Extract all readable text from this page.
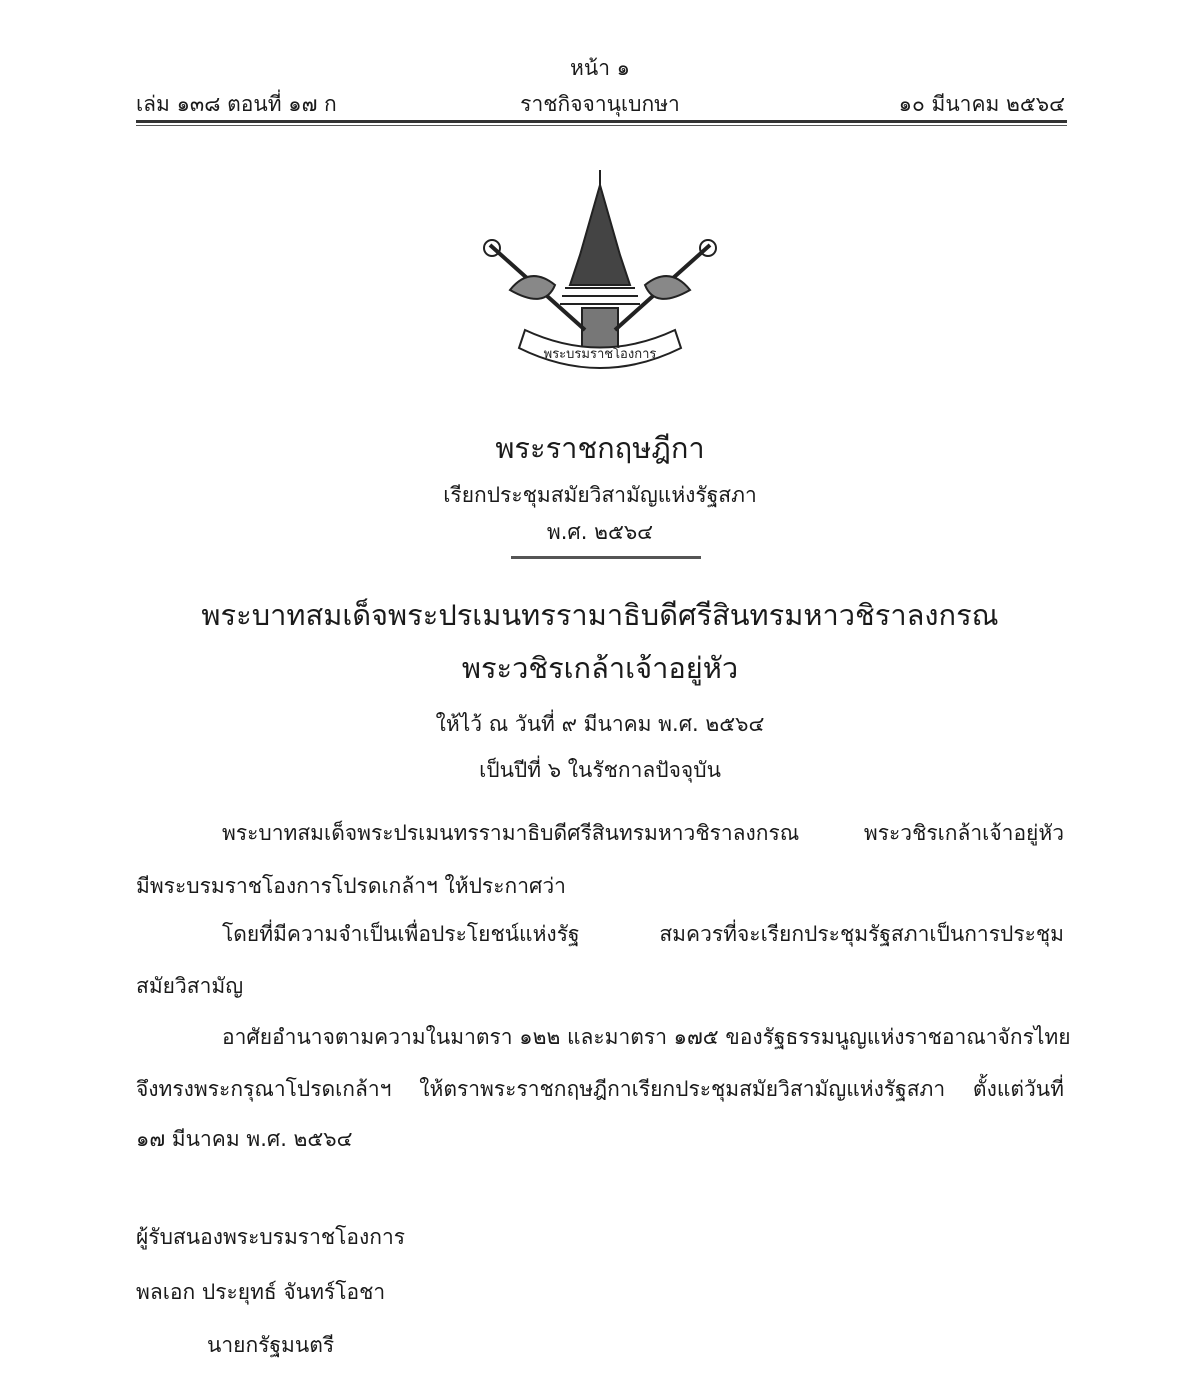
หน้า ๑
เล่ม ๑๓๘ ตอนที่ ๑๗ ก	ราชกิจจานุเบกษา	๑๐ มีนาคม ๒๕๖๔
พระบรมราชโองการ
พระราชกฤษฎีกา
เรียกประชุมสมัยวิสามัญแห่งรัฐสภา
พ.ศ. ๒๕๖๔
พระบาทสมเด็จพระปรเมนทรรามาธิบดีศรีสินทรมหาวชิราลงกรณ
พระวชิรเกล้าเจ้าอยู่หัว
ให้ไว้ ณ วันที่ ๙ มีนาคม พ.ศ. ๒๕๖๔
เป็นปีที่ ๖ ในรัชกาลปัจจุบัน
พระบาทสมเด็จพระปรเมนทรรามาธิบดีศรีสินทรมหาวชิราลงกรณ พระวชิรเกล้าเจ้าอยู่หัว
มีพระบรมราชโองการโปรดเกล้าฯ ให้ประกาศว่า
โดยที่มีความจำเป็นเพื่อประโยชน์แห่งรัฐ สมควรที่จะเรียกประชุมรัฐสภาเป็นการประชุม
สมัยวิสามัญ
อาศัยอำนาจตามความในมาตรา ๑๒๒ และมาตรา ๑๗๕ ของรัฐธรรมนูญแห่งราชอาณาจักรไทย
จึงทรงพระกรุณาโปรดเกล้าฯ ให้ตราพระราชกฤษฎีกาเรียกประชุมสมัยวิสามัญแห่งรัฐสภา ตั้งแต่วันที่
๑๗ มีนาคม พ.ศ. ๒๕๖๔
ผู้รับสนองพระบรมราชโองการ
พลเอก ประยุทธ์ จันทร์โอชา
นายกรัฐมนตรี
